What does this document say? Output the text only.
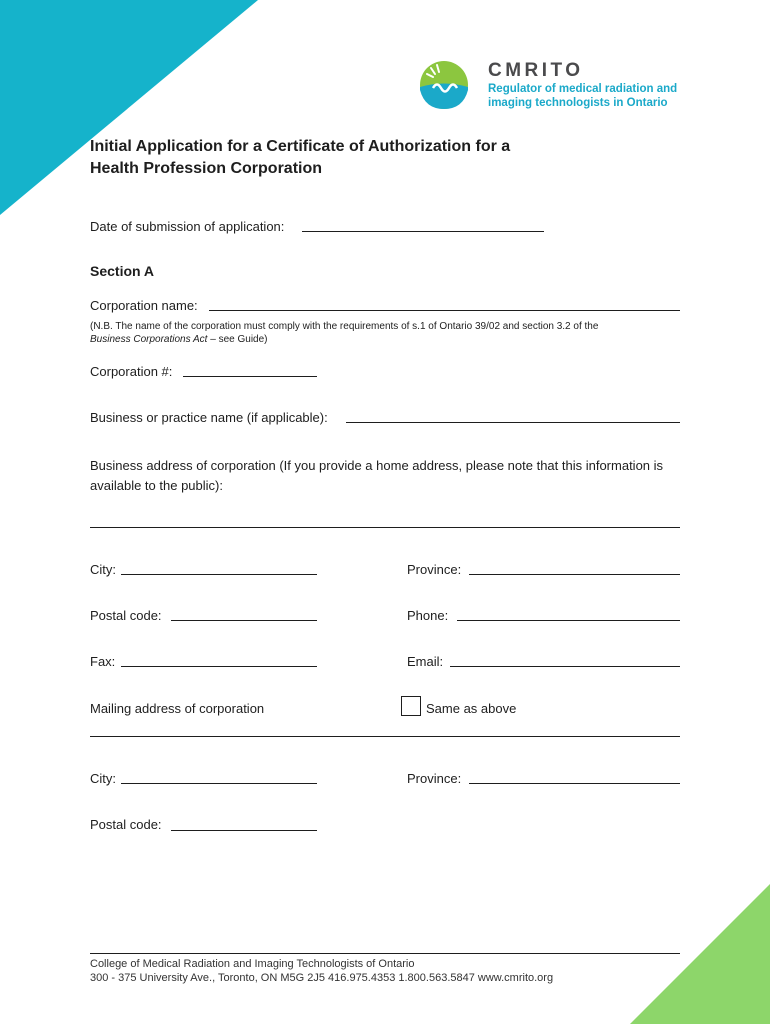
CMRITO
Regulator of medical radiation and
imaging technologists in Ontario
Initial Application for a Certificate of Authorization for a
Health Profession Corporation
Date of submission of application:
Section A
Corporation name:
(N.B. The name of the corporation must comply with the requirements of s.1 of Ontario 39/02 and section 3.2 of the
Business Corporations Act – see Guide)
Corporation #:
Business or practice name (if applicable):
Business address of corporation (If you provide a home address, please note that this information is available to the public):
City:	Province:
Postal code:	Phone:
Fax:	Email:
Mailing address of corporation	Same as above
City:	Province:
Postal code:
College of Medical Radiation and Imaging Technologists of Ontario
300 - 375 University Ave., Toronto, ON M5G 2J5 416.975.4353 1.800.563.5847 www.cmrito.org
